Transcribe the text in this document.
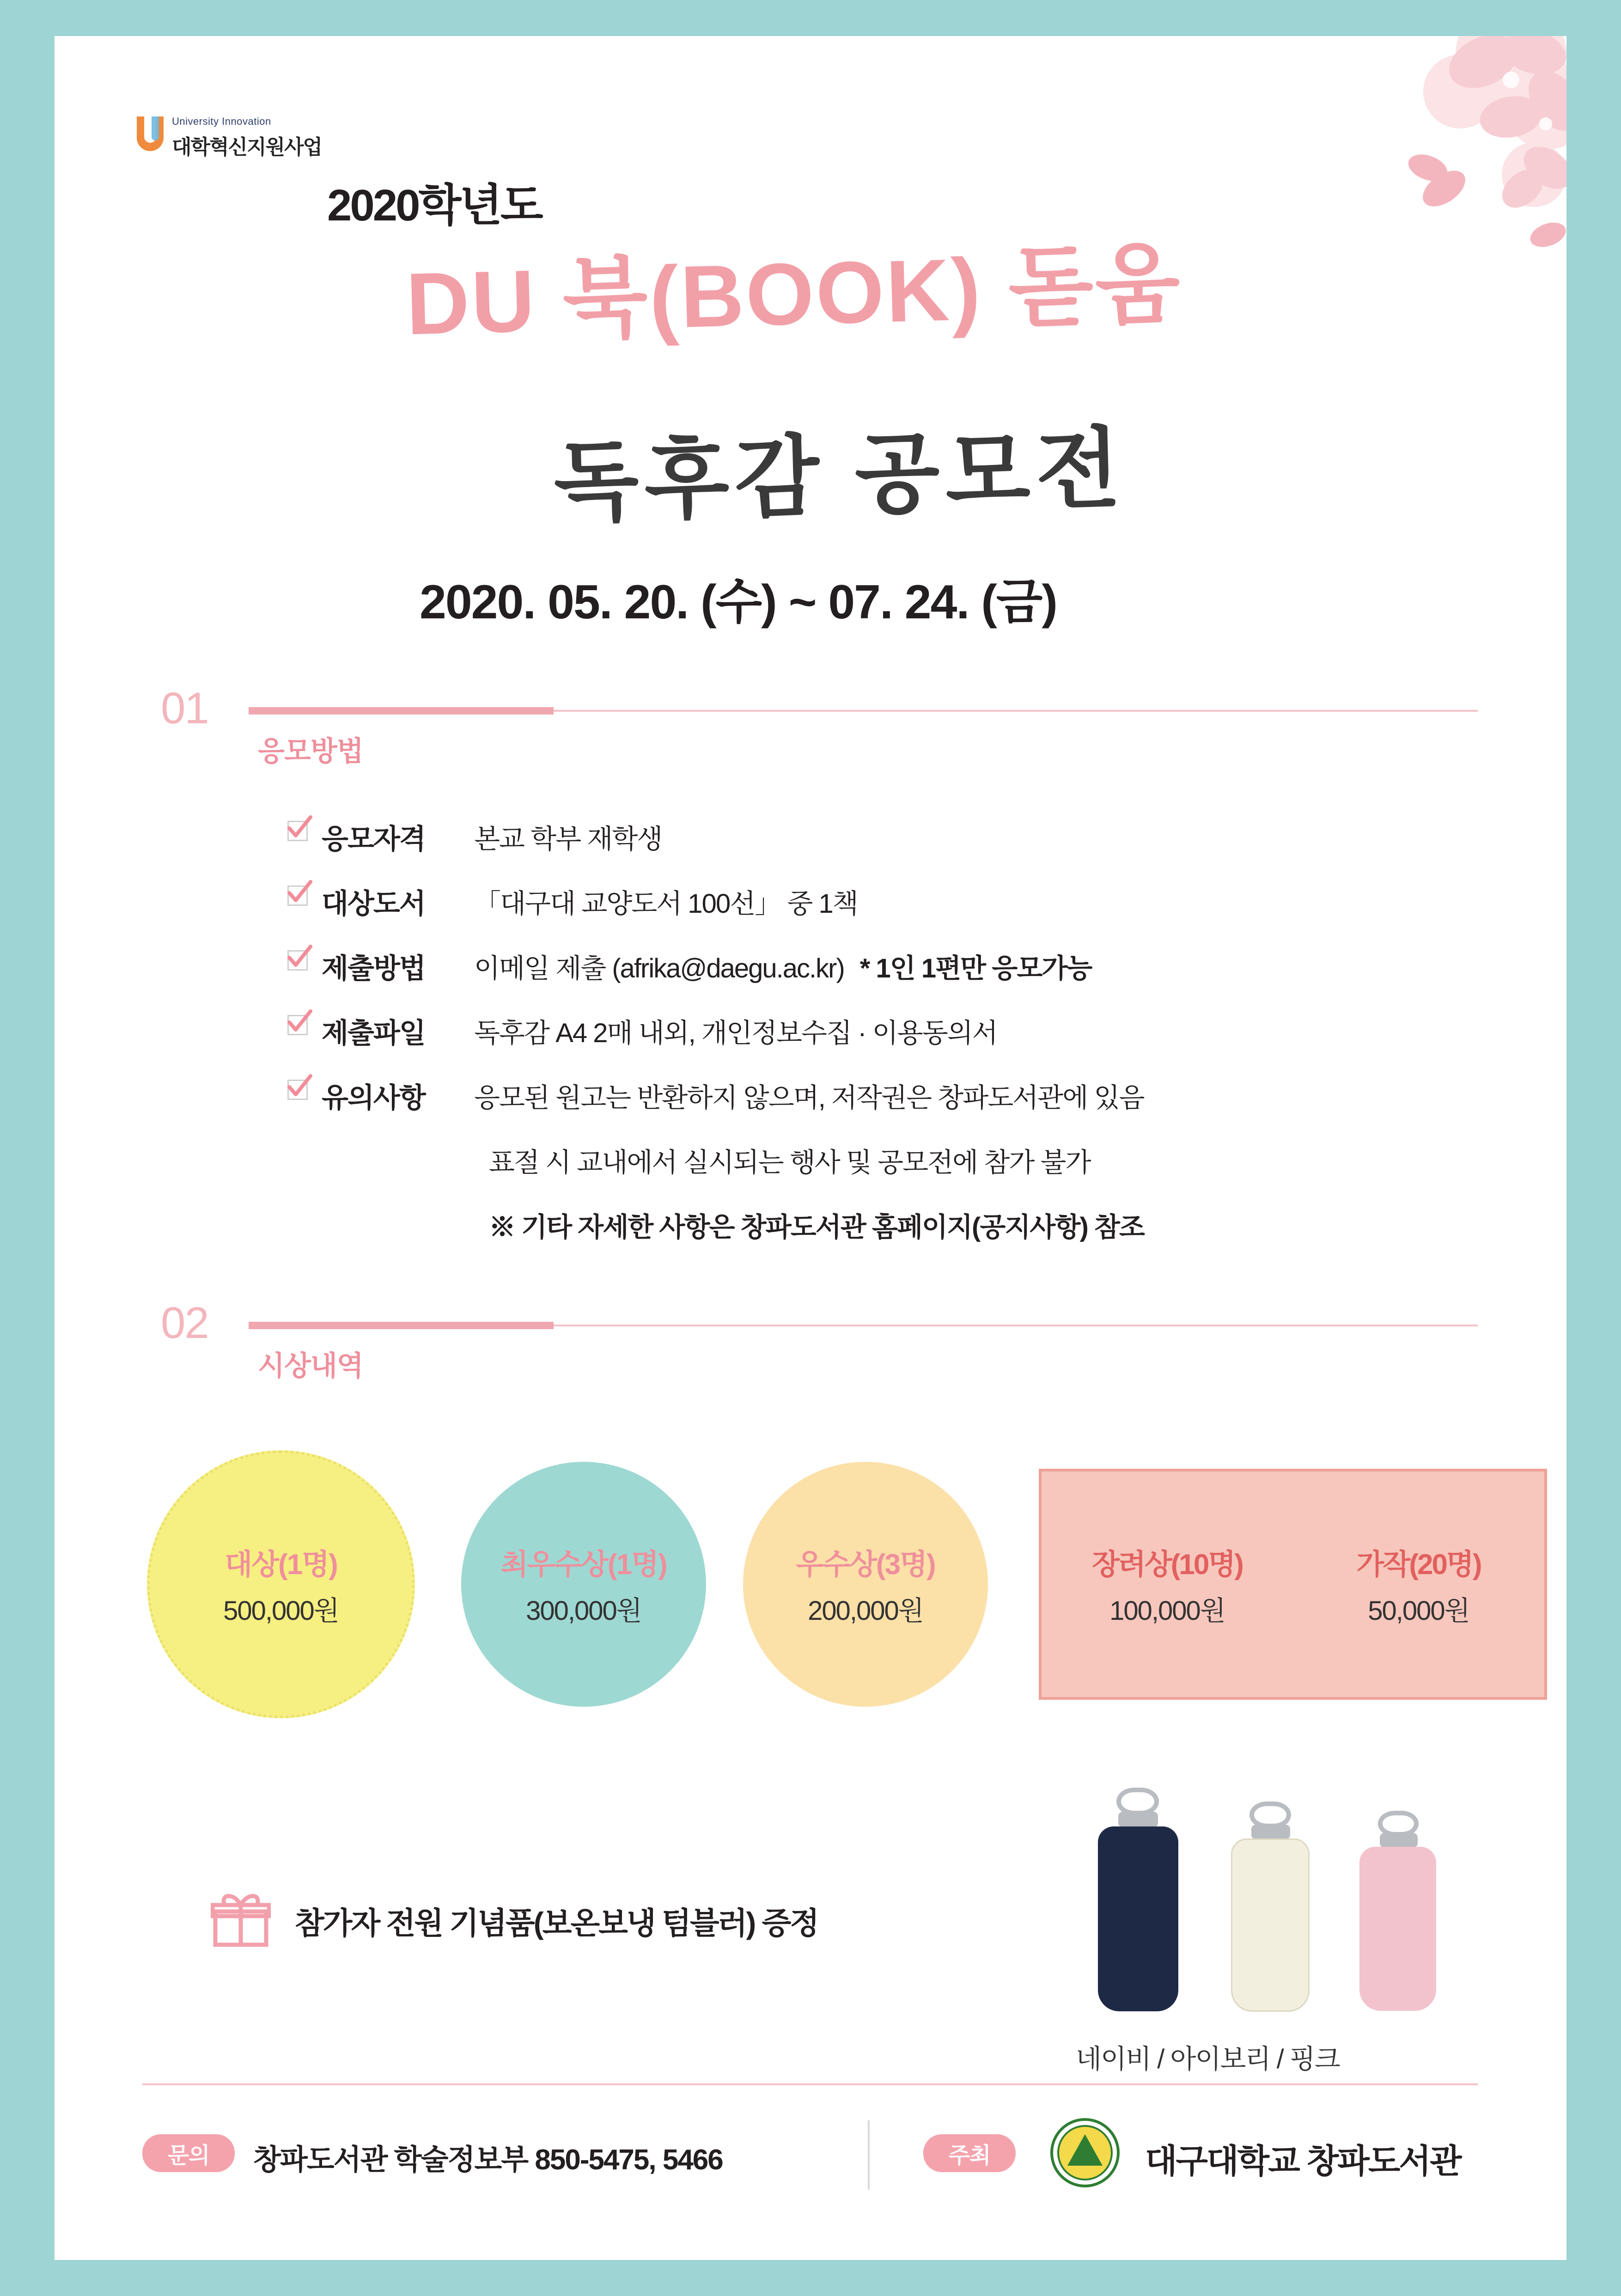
University Innovation
대학혁신지원사업
2020학년도
DU 북(BOOK) 돋움
독후감 공모전
2020. 05. 20. (수) ~ 07. 24. (금)
01
응모방법
응모자격	본교 학부 재학생
대상도서	「대구대 교양도서 100선」 중 1책
제출방법	이메일 제출 (afrika@daegu.ac.kr) * 1인 1편만 응모가능
제출파일	독후감 A4 2매 내외, 개인정보수집 · 이용동의서
유의사항	응모된 원고는 반환하지 않으며, 저작권은 창파도서관에 있음
표절 시 교내에서 실시되는 행사 및 공모전에 참가 불가
※ 기타 자세한 사항은 창파도서관 홈페이지(공지사항) 참조
02
시상내역
대상(1명)
500,000원
최우수상(1명)
300,000원
우수상(3명)
200,000원
장려상(10명)
100,000원
가작(20명)
50,000원
참가자 전원 기념품(보온보냉 텀블러) 증정
네이비 / 아이보리 / 핑크
문의	창파도서관 학술정보부 850-5475, 5466	주최	대구대학교 창파도서관
